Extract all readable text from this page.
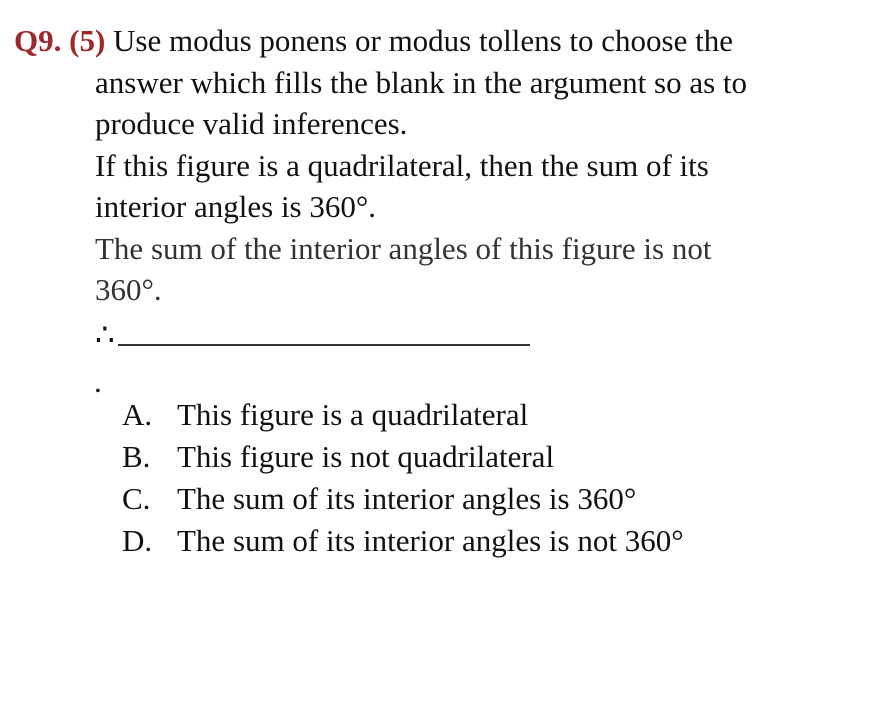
Q9. (5) Use modus ponens or modus tollens to choose the
answer which fills the blank in the argument so as to
produce valid inferences.
If this figure is a quadrilateral, then the sum of its
interior angles is 360°.
The sum of the interior angles of this figure is not
360°.
∴
.
A. This figure is a quadrilateral
B. This figure is not quadrilateral
C. The sum of its interior angles is 360°
D. The sum of its interior angles is not 360°
